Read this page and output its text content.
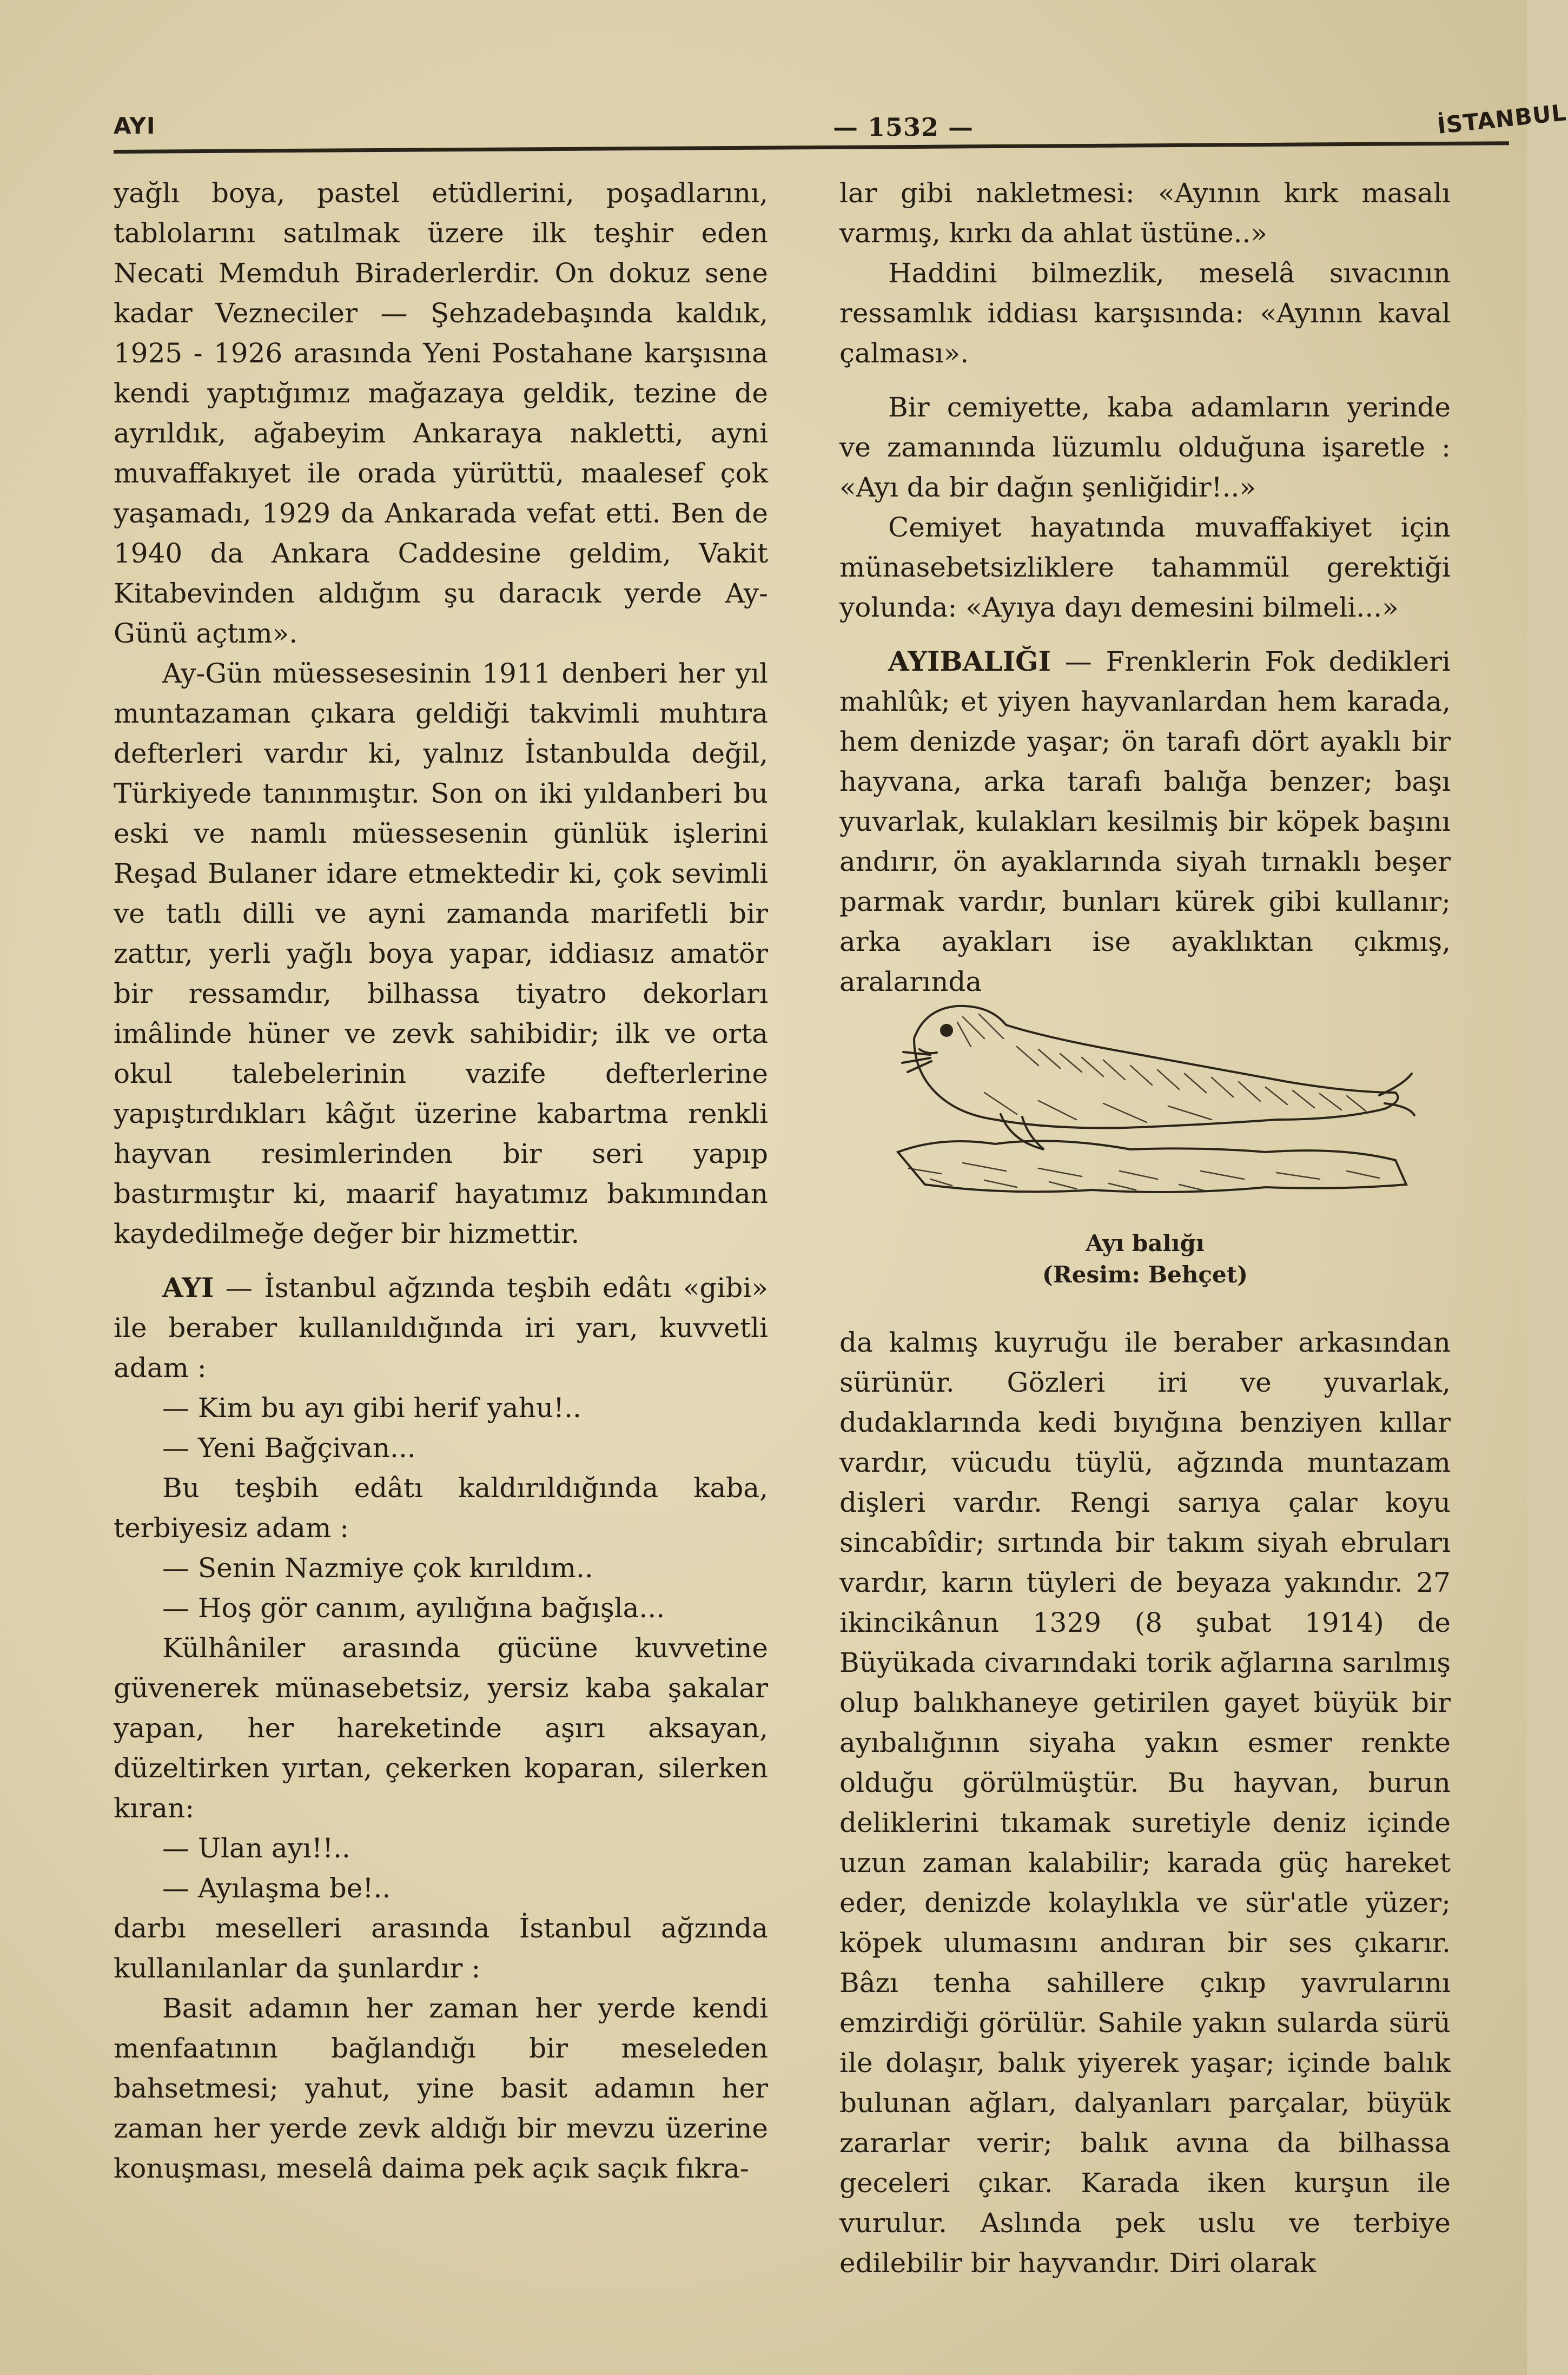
AYI	— 1532 —	İSTANBUL

yağlı boya, pastel etüdlerini, poşadlarını, tablolarını satılmak üzere ilk teşhir eden Necati Memduh Biraderlerdir. On dokuz sene kadar Vezneciler — Şehzadebaşında kaldık, 1925 - 1926 arasında Yeni Postahane karşısına kendi yaptığımız mağazaya geldik, tezine de ayrıldık, ağabeyim Ankaraya nakletti, ayni muvaffakıyet ile orada yürüttü, maalesef çok yaşamadı, 1929 da Ankarada vefat etti. Ben de 1940 da Ankara Caddesine geldim, Vakit Kitabevinden aldığım şu daracık yerde Ay-Günü açtım».

Ay-Gün müessesesinin 1911 denberi her yıl muntazaman çıkara geldiği takvimli muhtıra defterleri vardır ki, yalnız İstanbulda değil, Türkiyede tanınmıştır. Son on iki yıldanberi bu eski ve namlı müessesenin günlük işlerini Reşad Bulaner idare etmektedir ki, çok sevimli ve tatlı dilli ve ayni zamanda marifetli bir zattır, yerli yağlı boya yapar, iddiasız amatör bir ressamdır, bilhassa tiyatro dekorları imâlinde hüner ve zevk sahibidir; ilk ve orta okul talebelerinin vazife defterlerine yapıştırdıkları kâğıt üzerine kabartma renkli hayvan resimlerinden bir seri yapıp bastırmıştır ki, maarif hayatımız bakımından kaydedilmeğe değer bir hizmettir.

AYI — İstanbul ağzında teşbih edâtı «gibi» ile beraber kullanıldığında iri yarı, kuvvetli adam :

— Kim bu ayı gibi herif yahu!..

— Yeni Bağçivan...

Bu teşbih edâtı kaldırıldığında kaba, terbiyesiz adam :

— Senin Nazmiye çok kırıldım..

— Hoş gör canım, ayılığına bağışla...

Külhâniler arasında gücüne kuvvetine güvenerek münasebetsiz, yersiz kaba şakalar yapan, her hareketinde aşırı aksayan, düzeltirken yırtan, çekerken koparan, silerken kıran:

— Ulan ayı!!..

— Ayılaşma be!..

darbı meselleri arasında İstanbul ağzında kullanılanlar da şunlardır :

Basit adamın her zaman her yerde kendi menfaatının bağlandığı bir meseleden bahsetmesi; yahut, yine basit adamın her zaman her yerde zevk aldığı bir mevzu üzerine konuşması, meselâ daima pek açık saçık fıkra-

lar gibi nakletmesi: «Ayının kırk masalı varmış, kırkı da ahlat üstüne..»

Haddini bilmezlik, meselâ sıvacının ressamlık iddiası karşısında: «Ayının kaval çalması».

Bir cemiyette, kaba adamların yerinde ve zamanında lüzumlu olduğuna işaretle : «Ayı da bir dağın şenliğidir!..»

Cemiyet hayatında muvaffakiyet için münasebetsizliklere tahammül gerektiği yolunda: «Ayıya dayı demesini bilmeli...»

AYIBALIĞI — Frenklerin Fok dedikleri mahlûk; et yiyen hayvanlardan hem karada, hem denizde yaşar; ön tarafı dört ayaklı bir hayvana, arka tarafı balığa benzer; başı yuvarlak, kulakları kesilmiş bir köpek başını andırır, ön ayaklarında siyah tırnaklı beşer parmak vardır, bunları kürek gibi kullanır; arka ayakları ise ayaklıktan çıkmış, aralarında

Ayı balığı
(Resim: Behçet)

da kalmış kuyruğu ile beraber arkasından sürünür. Gözleri iri ve yuvarlak, dudaklarında kedi bıyığına benziyen kıllar vardır, vücudu tüylü, ağzında muntazam dişleri vardır. Rengi sarıya çalar koyu sincabîdir; sırtında bir takım siyah ebruları vardır, karın tüyleri de beyaza yakındır. 27 ikincikânun 1329 (8 şubat 1914) de Büyükada civarındaki torik ağlarına sarılmış olup balıkhaneye getirilen gayet büyük bir ayıbalığının siyaha yakın esmer renkte olduğu görülmüştür. Bu hayvan, burun deliklerini tıkamak suretiyle deniz içinde uzun zaman kalabilir; karada güç hareket eder, denizde kolaylıkla ve sür'atle yüzer; köpek ulumasını andıran bir ses çıkarır. Bâzı tenha sahillere çıkıp yavrularını emzirdiği görülür. Sahile yakın sularda sürü ile dolaşır, balık yiyerek yaşar; içinde balık bulunan ağları, dalyanları parçalar, büyük zararlar verir; balık avına da bilhassa geceleri çıkar. Karada iken kurşun ile vurulur. Aslında pek uslu ve terbiye edilebilir bir hayvandır. Diri olarak
